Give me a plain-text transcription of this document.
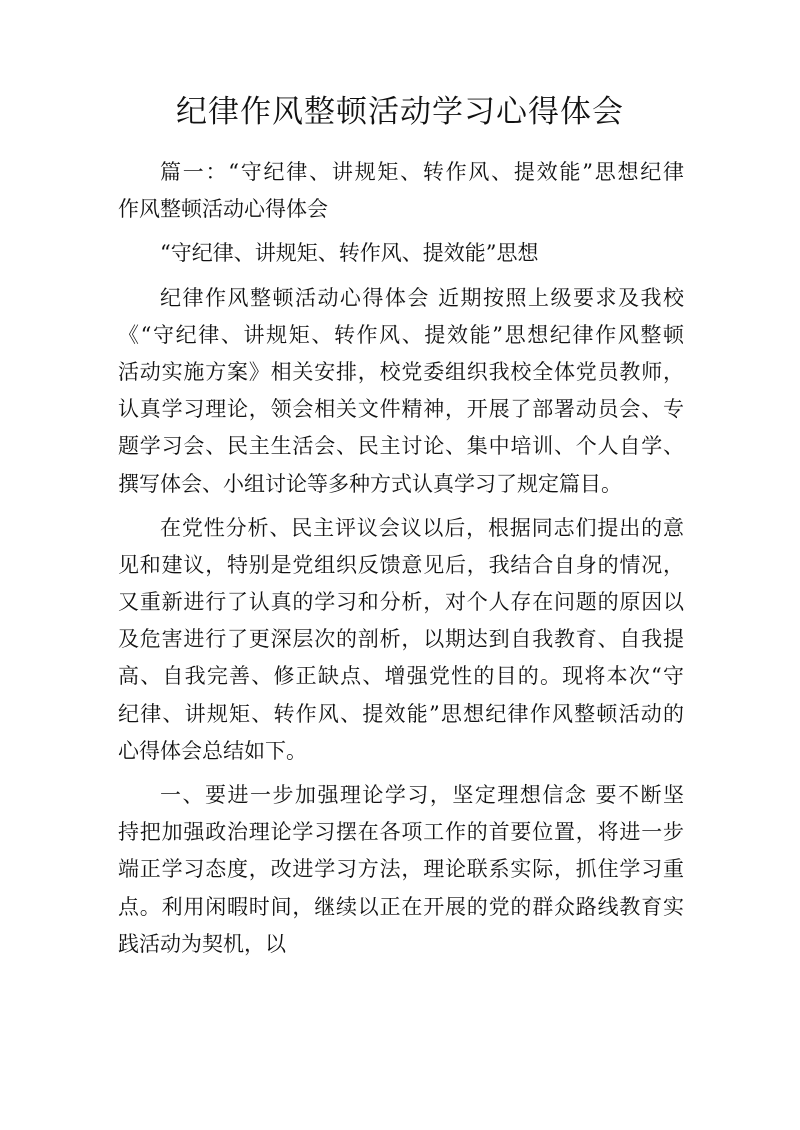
纪律作风整顿活动学习心得体会
篇一：“守纪律、讲规矩、转作风、提效能”思想纪律
作风整顿活动心得体会
“守纪律、讲规矩、转作风、提效能”思想
纪律作风整顿活动心得体会 近期按照上级要求及我校
《“守纪律、讲规矩、转作风、提效能”思想纪律作风整顿
活动实施方案》相关安排，校党委组织我校全体党员教师，
认真学习理论，领会相关文件精神，开展了部署动员会、专
题学习会、民主生活会、民主讨论、集中培训、个人自学、
撰写体会、小组讨论等多种方式认真学习了规定篇目。
在党性分析、民主评议会议以后，根据同志们提出的意
见和建议，特别是党组织反馈意见后，我结合自身的情况，
又重新进行了认真的学习和分析，对个人存在问题的原因以
及危害进行了更深层次的剖析，以期达到自我教育、自我提
高、自我完善、修正缺点、增强党性的目的。现将本次“守
纪律、讲规矩、转作风、提效能”思想纪律作风整顿活动的
心得体会总结如下。
一、要进一步加强理论学习，坚定理想信念 要不断坚
持把加强政治理论学习摆在各项工作的首要位置，将进一步
端正学习态度，改进学习方法，理论联系实际，抓住学习重
点。利用闲暇时间，继续以正在开展的党的群众路线教育实
践活动为契机，以
